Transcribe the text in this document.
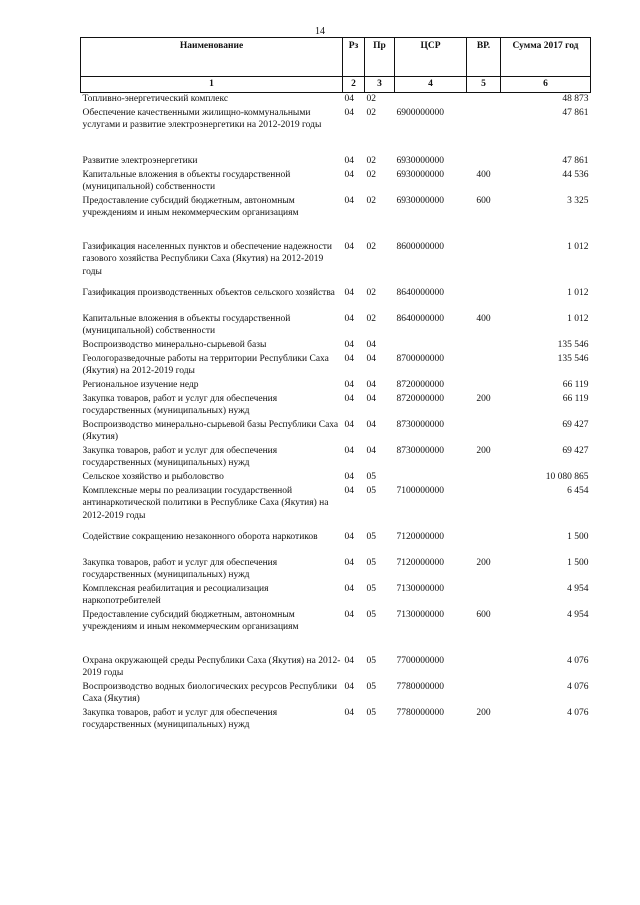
14
Наименование	Рз	Пр	ЦСР	ВР.	Сумма 2017 год
1	2	3	4	5	6
Топливно-энергетический комплекс	04	02			48 873
Обеспечение качественными жилищно-коммунальными услугами и развитие электроэнергетики на 2012-2019 годы	04	02	6900000000		47 861
Развитие электроэнергетики	04	02	6930000000		47 861
Капитальные вложения в объекты государственной (муниципальной) собственности	04	02	6930000000	400	44 536
Предоставление субсидий бюджетным, автономным учреждениям и иным некоммерческим организациям	04	02	6930000000	600	3 325
Газификация населенных пунктов и обеспечение надежности газового хозяйства Республики Саха (Якутия) на 2012-2019 годы	04	02	8600000000		1 012
Газификация производственных объектов сельского хозяйства	04	02	8640000000		1 012
Капитальные вложения в объекты государственной (муниципальной) собственности	04	02	8640000000	400	1 012
Воспроизводство минерально-сырьевой базы	04	04			135 546
Геологоразведочные работы на территории Республики Саха (Якутия) на 2012-2019 годы	04	04	8700000000		135 546
Региональное изучение недр	04	04	8720000000		66 119
Закупка товаров, работ и услуг для обеспечения государственных (муниципальных) нужд	04	04	8720000000	200	66 119
Воспроизводство минерально-сырьевой базы Республики Саха (Якутия)	04	04	8730000000		69 427
Закупка товаров, работ и услуг для обеспечения государственных (муниципальных) нужд	04	04	8730000000	200	69 427
Сельское хозяйство и рыболовство	04	05			10 080 865
Комплексные меры по реализации государственной антинаркотической политики в Республике Саха (Якутия) на 2012-2019 годы	04	05	7100000000		6 454
Содействие сокращению незаконного оборота наркотиков	04	05	7120000000		1 500
Закупка товаров, работ и услуг для обеспечения государственных (муниципальных) нужд	04	05	7120000000	200	1 500
Комплексная реабилитация и ресоциализация наркопотребителей	04	05	7130000000		4 954
Предоставление субсидий бюджетным, автономным учреждениям и иным некоммерческим организациям	04	05	7130000000	600	4 954
Охрана окружающей среды Республики Саха (Якутия) на 2012-2019 годы	04	05	7700000000		4 076
Воспроизводство водных биологических ресурсов Республики Саха (Якутия)	04	05	7780000000		4 076
Закупка товаров, работ и услуг для обеспечения государственных (муниципальных) нужд	04	05	7780000000	200	4 076
